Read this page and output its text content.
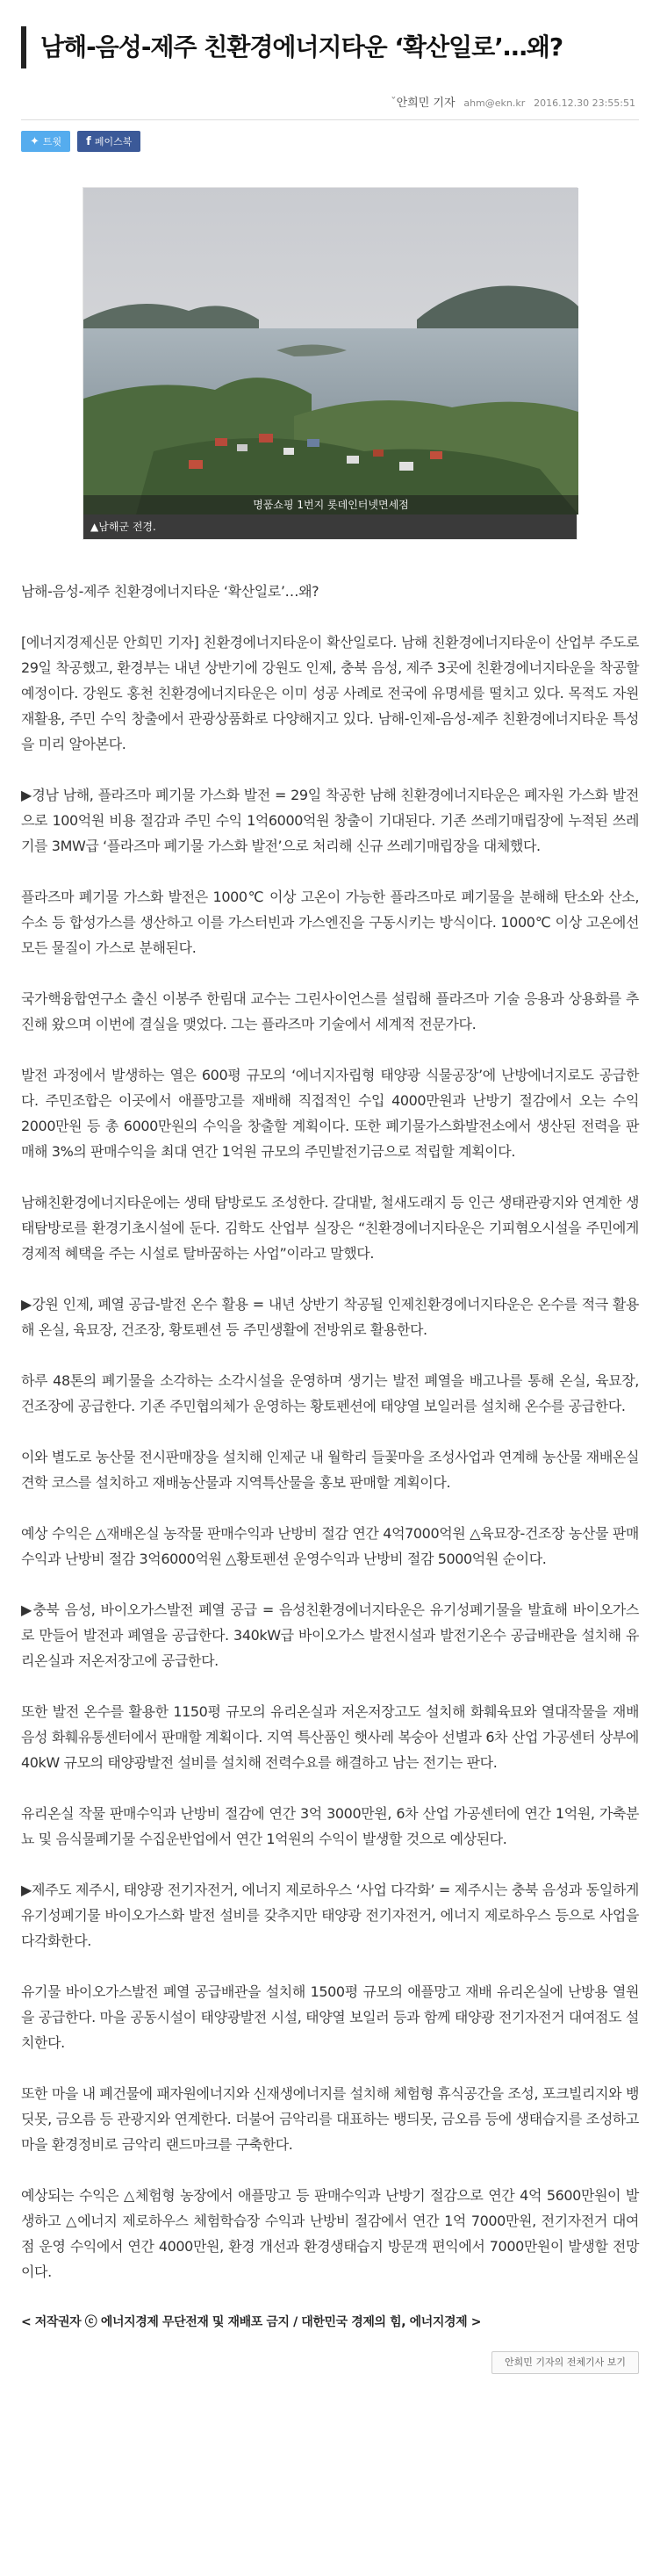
남해-음성-제주 친환경에너지타운 ‘확산일로’…왜?
ˇ 안희민 기자 ahm@ekn.kr 2016.12.30 23:55:51
✦ 트윗 f 페이스북
명품쇼핑 1번지 롯데인터넷면세점
▲남해군 전경.

남해-음성-제주 친환경에너지타운 ‘확산일로’…왜?

[에너지경제신문 안희민 기자] 친환경에너지타운이 확산일로다. 남해 친환경에너지타운이 산업부 주도로 29일 착공했고, 환경부는 내년 상반기에 강원도 인제, 충북 음성, 제주 3곳에 친환경에너지타운을 착공할 예정이다. 강원도 홍천 친환경에너지타운은 이미 성공 사례로 전국에 유명세를 떨치고 있다. 목적도 자원재활용, 주민 수익 창출에서 관광상품화로 다양해지고 있다. 남해-인제-음성-제주 친환경에너지타운 특성을 미리 알아본다.

▶경남 남해, 플라즈마 폐기물 가스화 발전 = 29일 착공한 남해 친환경에너지타운은 폐자원 가스화 발전으로 100억원 비용 절감과 주민 수익 1억6000억원 창출이 기대된다. 기존 쓰레기매립장에 누적된 쓰레기를 3MW급 ‘플라즈마 폐기물 가스화 발전’으로 처리해 신규 쓰레기매립장을 대체했다.

플라즈마 폐기물 가스화 발전은 1000℃ 이상 고온이 가능한 플라즈마로 폐기물을 분해해 탄소와 산소, 수소 등 합성가스를 생산하고 이를 가스터빈과 가스엔진을 구동시키는 방식이다. 1000℃ 이상 고온에선 모든 물질이 가스로 분해된다.

국가핵융합연구소 출신 이봉주 한림대 교수는 그린사이언스를 설립해 플라즈마 기술 응용과 상용화를 추진해 왔으며 이번에 결실을 맺었다. 그는 플라즈마 기술에서 세계적 전문가다.

발전 과정에서 발생하는 열은 600평 규모의 ‘에너지자립형 태양광 식물공장’에 난방에너지로도 공급한다. 주민조합은 이곳에서 애플망고를 재배해 직접적인 수입 4000만원과 난방기 절감에서 오는 수익 2000만원 등 총 6000만원의 수익을 창출할 계획이다. 또한 폐기물가스화발전소에서 생산된 전력을 판매해 3%의 판매수익을 최대 연간 1억원 규모의 주민발전기금으로 적립할 계획이다.

남해친환경에너지타운에는 생태 탐방로도 조성한다. 갈대밭, 철새도래지 등 인근 생태관광지와 연계한 생태탐방로를 환경기초시설에 둔다. 김학도 산업부 실장은 “친환경에너지타운은 기피혐오시설을 주민에게 경제적 혜택을 주는 시설로 탈바꿈하는 사업”이라고 말했다.

▶강원 인제, 폐열 공급-발전 온수 활용 = 내년 상반기 착공될 인제친환경에너지타운은 온수를 적극 활용해 온실, 육묘장, 건조장, 황토펜션 등 주민생활에 전방위로 활용한다.

하루 48톤의 폐기물을 소각하는 소각시설을 운영하며 생기는 발전 폐열을 배고나를 통해 온실, 육묘장, 건조장에 공급한다. 기존 주민협의체가 운영하는 황토펜션에 태양열 보일러를 설치해 온수를 공급한다.

이와 별도로 농산물 전시판매장을 설치해 인제군 내 월학리 들꽃마을 조성사업과 연계해 농산물 재배온실 견학 코스를 설치하고 재배농산물과 지역특산물을 홍보 판매할 계획이다.

예상 수익은 △재배온실 농작물 판매수익과 난방비 절감 연간 4억7000억원 △육묘장-건조장 농산물 판매수익과 난방비 절감 3억6000억원 △황토펜션 운영수익과 난방비 절감 5000억원 순이다.

▶충북 음성, 바이오가스발전 폐열 공급 = 음성친환경에너지타운은 유기성폐기물을 발효해 바이오가스로 만들어 발전과 폐열을 공급한다. 340kW급 바이오가스 발전시설과 발전기온수 공급배관을 설치해 유리온실과 저온저장고에 공급한다.

또한 발전 온수를 활용한 1150평 규모의 유리온실과 저온저장고도 설치해 화훼육묘와 열대작물을 재배 음성 화훼유통센터에서 판매할 계획이다. 지역 특산품인 햇사레 복숭아 선별과 6차 산업 가공센터 상부에 40kW 규모의 태양광발전 설비를 설치해 전력수요를 해결하고 남는 전기는 판다.

유리온실 작물 판매수익과 난방비 절감에 연간 3억 3000만원, 6차 산업 가공센터에 연간 1억원, 가축분뇨 및 음식물폐기물 수집운반업에서 연간 1억원의 수익이 발생할 것으로 예상된다.

▶제주도 제주시, 태양광 전기자전거, 에너지 제로하우스 ‘사업 다각화’ = 제주시는 충북 음성과 동일하게 유기성폐기물 바이오가스화 발전 설비를 갖추지만 태양광 전기자전거, 에너지 제로하우스 등으로 사업을 다각화한다.

유기물 바이오가스발전 폐열 공급배관을 설치해 1500평 규모의 애플망고 재배 유리온실에 난방용 열원을 공급한다. 마을 공동시설이 태양광발전 시설, 태양열 보일러 등과 함께 태양광 전기자전거 대여점도 설치한다.

또한 마을 내 폐건물에 패자원에너지와 신재생에너지를 설치해 체험형 휴식공간을 조성, 포크빌리지와 뱅딧못, 금오름 등 관광지와 연계한다. 더불어 금악리를 대표하는 뱅듸못, 금오름 등에 생태습지를 조성하고 마을 환경정비로 금악리 랜드마크를 구축한다.

예상되는 수익은 △체험형 농장에서 애플망고 등 판매수익과 난방기 절감으로 연간 4억 5600만원이 발생하고 △에너지 제로하우스 체험학습장 수익과 난방비 절감에서 연간 1억 7000만원, 전기자전거 대여점 운영 수익에서 연간 4000만원, 환경 개선과 환경생태습지 방문객 편익에서 7000만원이 발생할 전망이다.

< 저작권자 ⓒ 에너지경제 무단전재 및 재배포 금지 / 대한민국 경제의 힘, 에너지경제 >

안희민 기자의 전체기사 보기
